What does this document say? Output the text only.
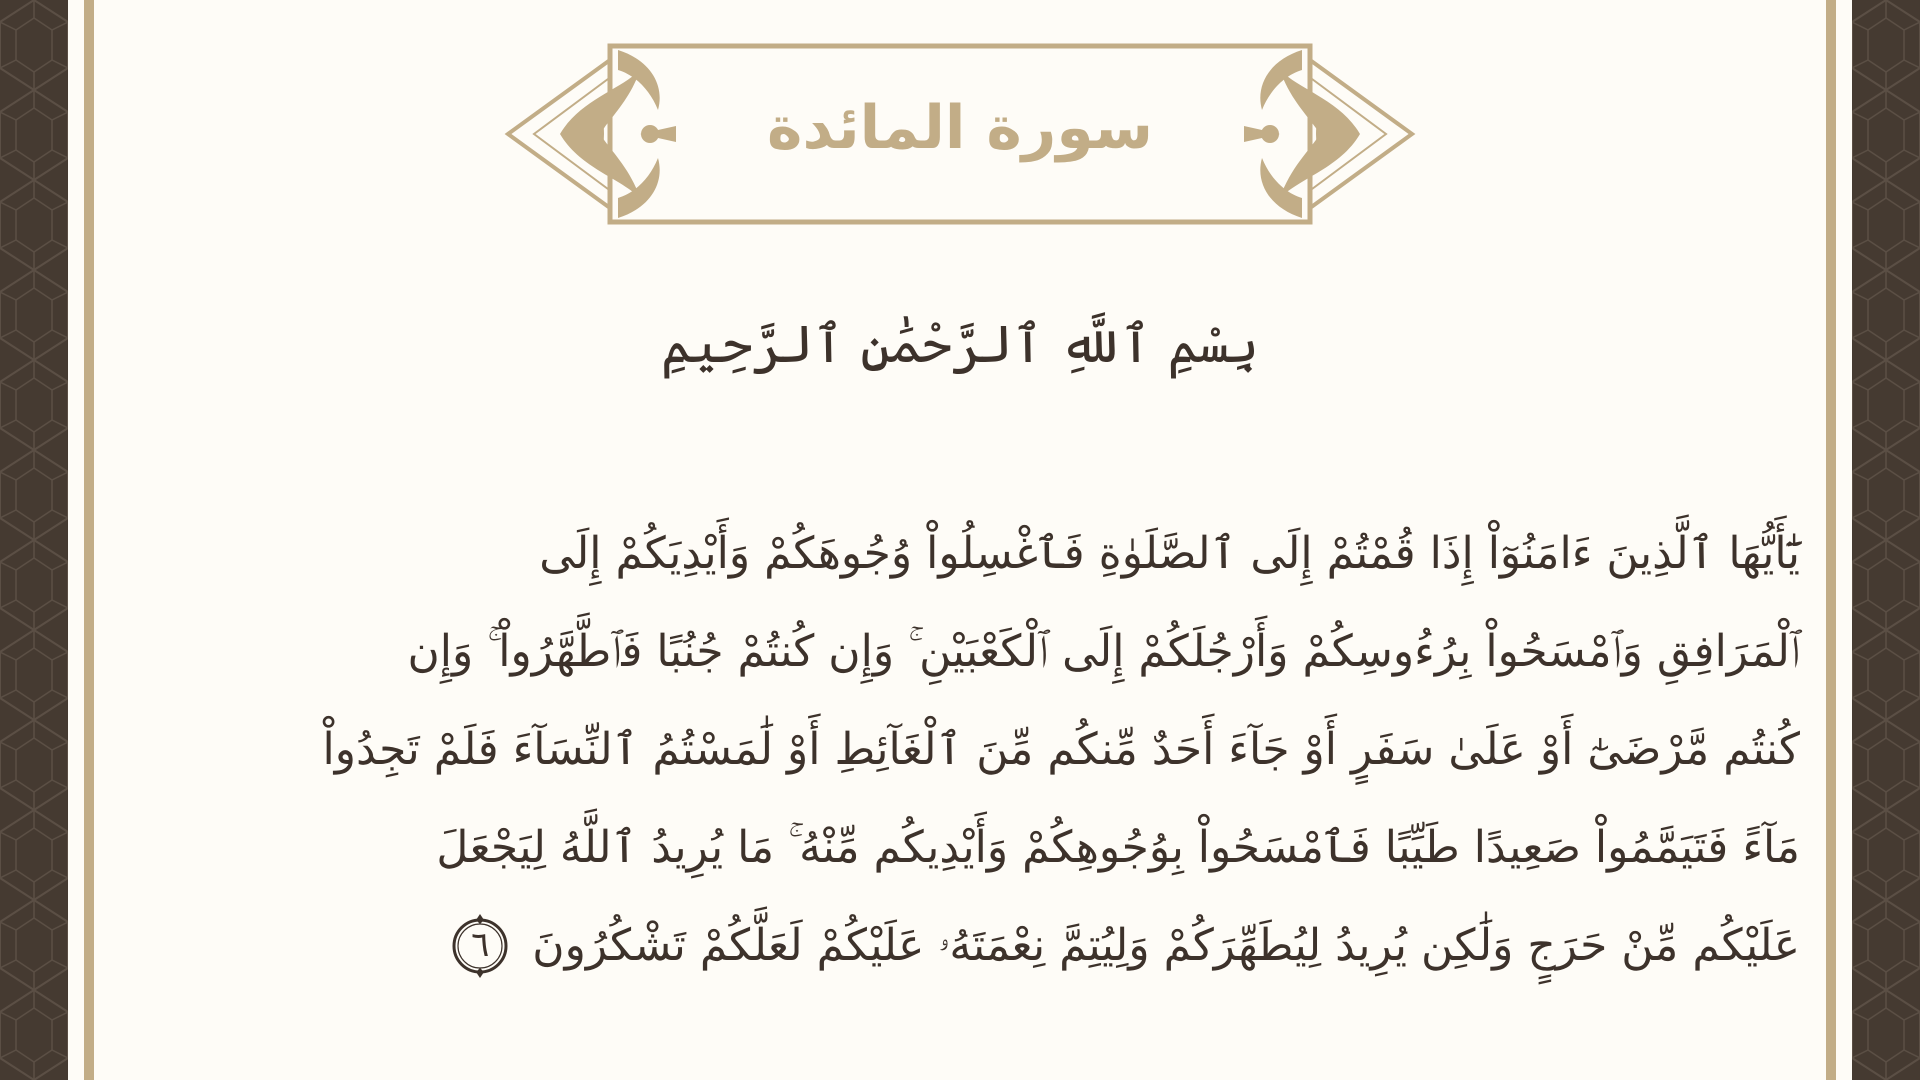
سورة المائدة
بِسْمِ ٱللَّهِ ٱلرَّحْمَٰنِ ٱلرَّحِيمِ
يَٰٓأَيُّهَا ٱلَّذِينَ ءَامَنُوٓاْ إِذَا قُمْتُمْ إِلَى ٱلصَّلَوٰةِ فَٱغْسِلُواْ وُجُوهَكُمْ وَأَيْدِيَكُمْ إِلَى
ٱلْمَرَافِقِ وَٱمْسَحُواْ بِرُءُوسِكُمْ وَأَرْجُلَكُمْ إِلَى ٱلْكَعْبَيْنِ ۚ وَإِن كُنتُمْ جُنُبًا فَٱطَّهَّرُواْ ۚ وَإِن
كُنتُم مَّرْضَىٰٓ أَوْ عَلَىٰ سَفَرٍ أَوْ جَآءَ أَحَدٌ مِّنكُم مِّنَ ٱلْغَآئِطِ أَوْ لَٰمَسْتُمُ ٱلنِّسَآءَ فَلَمْ تَجِدُواْ
مَآءً فَتَيَمَّمُواْ صَعِيدًا طَيِّبًا فَٱمْسَحُواْ بِوُجُوهِكُمْ وَأَيْدِيكُم مِّنْهُ ۚ مَا يُرِيدُ ٱللَّهُ لِيَجْعَلَ
عَلَيْكُم مِّنْ حَرَجٍ وَلَٰكِن يُرِيدُ لِيُطَهِّرَكُمْ وَلِيُتِمَّ نِعْمَتَهُۥ عَلَيْكُمْ لَعَلَّكُمْ تَشْكُرُونَ
٦
